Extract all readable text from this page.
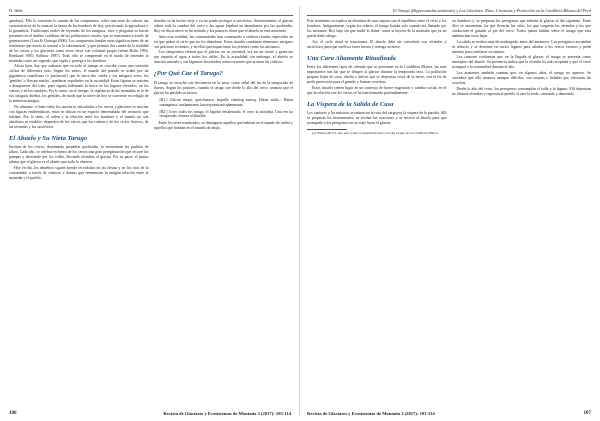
D. Wake

quechua). Ello lo convierte lo común de los compuestos, sobre una serie de valores tan característicos de la zona en la fauna de los hombres de hoy, practicando la agricultura y la ganadería. Tradiciones orales de leyendas de los antiguos, ritos y plegarias se hacen presentes en el ámbito cotidiano de las poblaciones rurales, que se transmiten a través de generaciones (Lara & Quiroga 2006). Los compuestos fundan estas significaciones de un fenómeno que asocia lo natural a lo sobrenatural, y que permite dar cuenta de la realidad de los cerros y los glaciares como seres vivos con voluntad propia (véase Bolin 1992; Reinhard 1985; Sallnow 1987). Todo ello se comprende en el modo de entender la montaña como ser sagrado, que vigila y protege a los hombres.

Ahora bien, hay que subrayar que en todo el tiempo se concibe como una sucesión cíclica de diferentes eras. Según los mitos, el mundo del pasado se acabó por un gigantesco cataclismo (o 'pachacuti') que la tierra dio vuelta y los antiguos seres, los 'gentiles' o 'ñawpa machu', quedaron sepultados en la oscuridad. Estas figuras se resisten a desaparecer del todo, pues siguen habitando la tierra en los lugares elevados, en las cuevas y en las cumbres. Por lo tanto, en el tiempo, la vigilancia de las montañas es la de sus antiguos dueños, los gentiles, de modo que la nieve de hoy se convierte en refugio de la memoria antigua.

No obstante, si bien todos los ancestros vinculados a los cerros y glaciares se asocian con figuras emblemáticas, estas se ubican en un espacio determinado del territorio que habitan. Por lo tanto, el orden y la relación entre los hombres y el mundo no son absolutos ni estables: dependen de los cerros que los rodean y de los ciclos festivos, de las ofrendas y los sacrificios.

El Abuelo y Su Nieta Tarugo

Encima de los cerros, dominando pequeñas quebradas, se encuentran los pueblos de altura. Cada año, se celebra en honor de los cerros una gran peregrinación que recorre las pampas y desciende por los valles, llevando ofrendas al glaciar. Por su parte, el pastor afirma que el glaciar es el abuelo que todo lo observa.

Hoy en día, los abuelitos siguen siendo recordados en las fiestas y en los ritos de la comunidad, a través de cánticos y danzas que rememoran la antigua relación entre la montaña y el pueblo.

abuelito se ha hecho viejo y ya no puede proteger a sus nietos. Anteriormente, el glaciar cubría toda la cumbre del cerro y las aguas bajaban en abundancia por las quebradas. Hoy en día la nieve se ha retirado y los pastores dicen que el abuelo se está muriendo.

Ante esta realidad, las comunidades han comenzado a realizar rituales especiales en los que piden al cerro que no los abandone. Estos rituales combinan elementos antiguos con prácticas recientes, y en ellos participan tanto los jóvenes como los ancianos.

Los campesinos relatan que el glaciar, en su juventud, era un ser fuerte y generoso que repartía el agua a todos los valles. En la actualidad, sin embargo, el abuelo se muestra cansado y sus lágrimas descienden como torrentes que arrasan los cultivos.

¿Por Qué Cae el Tarugo?

El tarugo se escucha con frecuencia en la zona, como señal del fin de la temporada de lluvias. Según los pastores, cuando el tarugo cae desde lo alto del cerro, anuncia que el glaciar ha perdido su fuerza.

[R1.] Glaciar tinqui, qarichanaya. Inqailla chankag sumaq. Hatun milla... Hatun sumaqninta, tauilanmanta, kawsayninta misqhanmanta.

[R2.] Cerro todos los tarugo, el bajador desalentado, el cerro la moraleja. Una vez ha recuperado, retorna al abuelito.

Entre los seres nombrados, se distinguen aquellos que habitan en el mundo de arriba y aquellos que habitan en el mundo de abajo.

106	Revista de Glaciares y Ecosistemas de Montaña 2 (2017): 103-114
El Tarugo (Hippocamelus antisensis) y Los Glaciares: Ritos, Creencias y Protección en la Cordillera Blanca del Perú

Este fenómeno se explica en términos de una ruptura con el equilibrio entre el cerro y los hombres. Antiguamente, según los relatos, el tarugo bajaba solo cuando era llamado por los ancianos. Hoy baja sin que nadie lo llame, como si huyera de la montaña que ya no puede darle abrigo.

Así, el ciclo ritual se transforma. El abuelo debe ser consolado con ofrendas y sacrificios para que vuelva a tener fuerza y retenga su nieve.

Una Cara Altamente Ritualizada

Entre los diferentes tipos de ofrenda que se presentan en la Cordillera Blanca, las más importantes son las que se dirigen al glaciar durante la temporada seca. La población prepara hojas de coca, chicha y dulces que se depositan cerca de la nieve, con el fin de pedir protección para el ganado y buenas cosechas.

Estos rituales tienen lugar en un contexto de fuerte migración y cambio social, en el que la relación con los cerros se ha transformado profundamente.

La Víspera de la Salida de Casa

Los cantores y los músicos se reúnen en la casa del carguyoq la víspera de la partida. Allí se preparan los instrumentos, se recitan las oraciones y se invoca al abuelo para que acompañe a los peregrinos en su viaje hacia el glaciar.

(1) Wakai (2017): una nota sobre la denominación local del tarugo en la Cordillera Blanca.

los hombres y, se preparan los peregrinos que subirán al glaciar al día siguiente. Entre ellos se encuentran los que llevarán las velas, los que cargarán las ofrendas y los que conducirán el ganado al pie del cerro. Todos juntos hablan sobre el tarugo que esta mañana han visto bajar.

La salida se realiza muy de madrugada, antes del amanecer. Los peregrinos ascienden en silencio y se detienen en varios lugares para saludar a los cerros vecinos y pedir permiso para continuar su camino.

Los cantores confirman que, en la llegada al glaciar, el tarugo se presenta como mensajero del abuelo. Su presencia indica que la ofrenda ha sido aceptada y que el cerro protegerá a la comunidad durante el año.

Los asistentes también cuentan que, en algunos años, el tarugo no aparece. Se considera que ello anuncia tiempos difíciles, con sequías o heladas que afectarán las cosechas.

Desde lo alto del cerro, los peregrinos contemplan el valle y la laguna. Allí depositan las últimas ofrendas y regresan al pueblo al caer la tarde, cantando y danzando.

Revista de Glaciares y Ecosistemas de Montaña 2 (2017): 103-114	107
